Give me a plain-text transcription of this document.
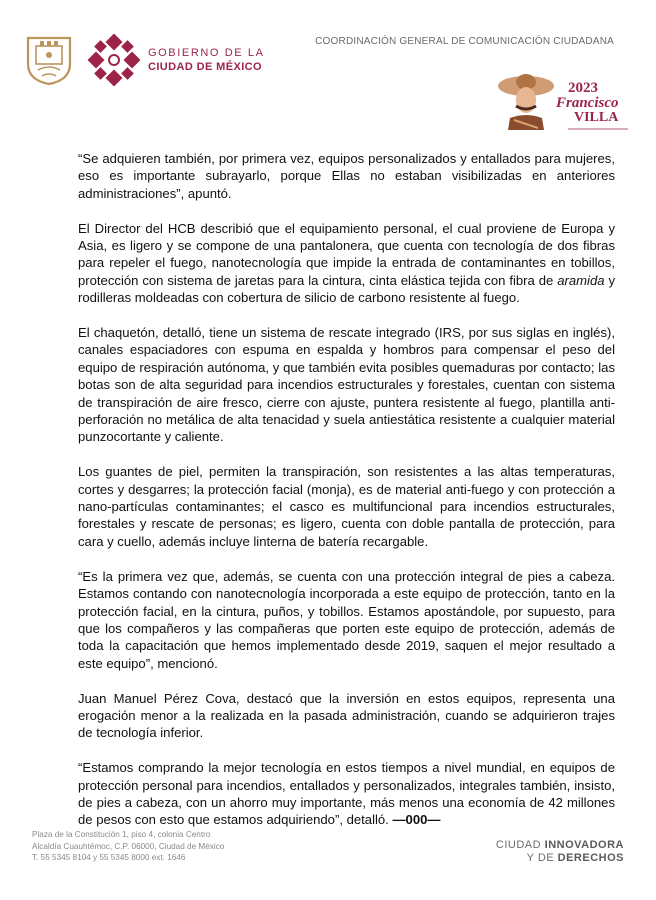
COORDINACIÓN GENERAL DE COMUNICACIÓN CIUDADANA
GOBIERNO DE LA
CIUDAD DE MÉXICO
2023
Francisco
VILLA

“Se adquieren también, por primera vez, equipos personalizados y entallados para mujeres, eso es importante subrayarlo, porque Ellas no estaban visibilizadas en anteriores administraciones”, apuntó.

El Director del HCB describió que el equipamiento personal, el cual proviene de Europa y Asia, es ligero y se compone de una pantalonera, que cuenta con tecnología de dos fibras para repeler el fuego, nanotecnología que impide la entrada de contaminantes en tobillos, protección con sistema de jaretas para la cintura, cinta elástica tejida con fibra de aramida y rodilleras moldeadas con cobertura de silicio de carbono resistente al fuego.

El chaquetón, detalló, tiene un sistema de rescate integrado (IRS, por sus siglas en inglés), canales espaciadores con espuma en espalda y hombros para compensar el peso del equipo de respiración autónoma, y que también evita posibles quemaduras por contacto; las botas son de alta seguridad para incendios estructurales y forestales, cuentan con sistema de transpiración de aire fresco, cierre con ajuste, puntera resistente al fuego, plantilla anti-perforación no metálica de alta tenacidad y suela antiestática resistente a cualquier material punzocortante y caliente.

Los guantes de piel, permiten la transpiración, son resistentes a las altas temperaturas, cortes y desgarres; la protección facial (monja), es de material anti-fuego y con protección a nano-partículas contaminantes; el casco es multifuncional para incendios estructurales, forestales y rescate de personas; es ligero, cuenta con doble pantalla de protección, para cara y cuello, además incluye linterna de batería recargable.

“Es la primera vez que, además, se cuenta con una protección integral de pies a cabeza. Estamos contando con nanotecnología incorporada a este equipo de protección, tanto en la protección facial, en la cintura, puños, y tobillos. Estamos apostándole, por supuesto, para que los compañeros y las compañeras que porten este equipo de protección, además de toda la capacitación que hemos implementado desde 2019, saquen el mejor resultado a este equipo”, mencionó.

Juan Manuel Pérez Cova, destacó que la inversión en estos equipos, representa una erogación menor a la realizada en la pasada administración, cuando se adquirieron trajes de tecnología inferior.

“Estamos comprando la mejor tecnología en estos tiempos a nivel mundial, en equipos de protección personal para incendios, entallados y personalizados, integrales también, insisto, de pies a cabeza, con un ahorro muy importante, más menos una economía de 42 millones de pesos con esto que estamos adquiriendo”, detalló. —000—

Plaza de la Constitución 1, piso 4, colonia Centro
Alcaldía Cuauhtémoc, C.P. 06000, Ciudad de México
T. 55 5345 8104 y 55 5345 8000 ext. 1646
CIUDAD INNOVADORA
Y DE DERECHOS
